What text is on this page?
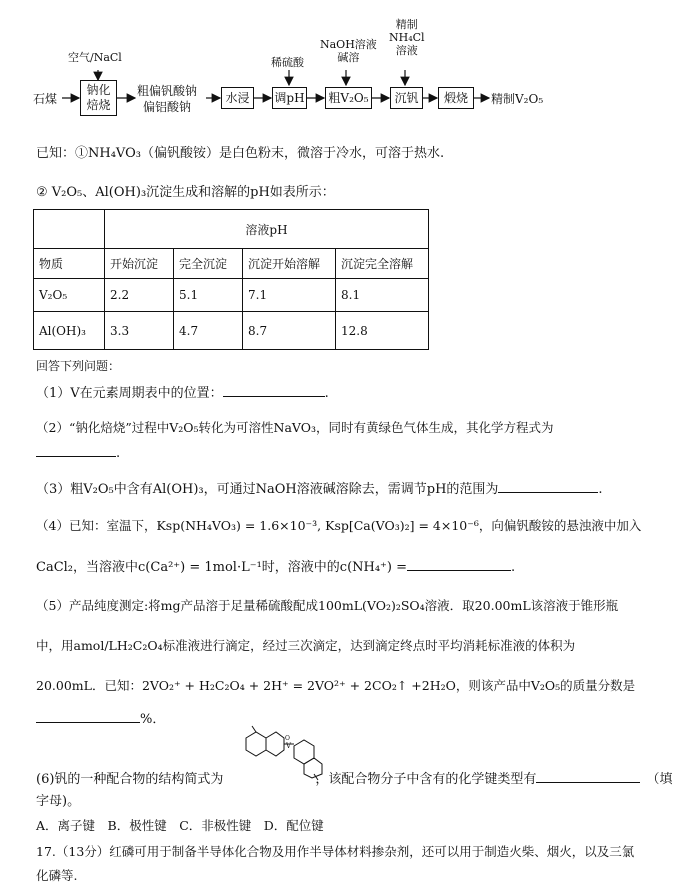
石煤
空气/NaCl
钠化焙烧
粗偏钒酸钠
偏铝酸钠
水浸
稀硫酸
调pH
NaOH溶液
碱溶
粗V₂O₅
精制
NH₄Cl
溶液
沉钒	煅烧	精制V₂O₅
已知：①NH₄VO₃（偏钒酸铵）是白色粉末，微溶于冷水，可溶于热水.
② V₂O₅、Al(OH)₃沉淀生成和溶解的pH如表所示：
	溶液pH			
物质	开始沉淀	完全沉淀	沉淀开始溶解	沉淀完全溶解
V₂O₅	2.2	5.1	7.1	8.1
Al(OH)₃	3.3	4.7	8.7	12.8
回答下列问题：
（1）V在元素周期表中的位置：	.
（2）“钠化焙烧”过程中V₂O₅转化为可溶性NaVO₃，同时有黄绿色气体生成，其化学方程式为
.
（3）粗V₂O₅中含有Al(OH)₃，可通过NaOH溶液碱溶除去，需调节pH的范围为	.
（4）已知：室温下，Ksp(NH₄VO₃) = 1.6×10⁻³, Ksp[Ca(VO₃)₂] = 4×10⁻⁶，向偏钒酸铵的悬浊液中加入
CaCl₂，当溶液中c(Ca²⁺) = 1mol·L⁻¹时，溶液中的c(NH₄⁺) =	.
（5）产品纯度测定:将mg产品溶于足量稀硫酸配成100mL(VO₂)₂SO₄溶液．取20.00mL该溶液于锥形瓶
中，用amol/LH₂C₂O₄标准液进行滴定，经过三次滴定，达到滴定终点时平均消耗标准液的体积为
20.00mL．已知：2VO₂⁺ + H₂C₂O₄ + 2H⁺ = 2VO²⁺ + 2CO₂↑ +2H₂O，则该产品中V₂O₅的质量分数是
%．
O
V
(6)钒的一种配合物的结构简式为	，该配合物分子中含有的化学键类型有	（填
字母)。
A．离子键　B．极性键　C．非极性键　D．配位键
17.（13分）红磷可用于制备半导体化合物及用作半导体材料掺杂剂，还可以用于制造火柴、烟火，以及三氯
化磷等.
